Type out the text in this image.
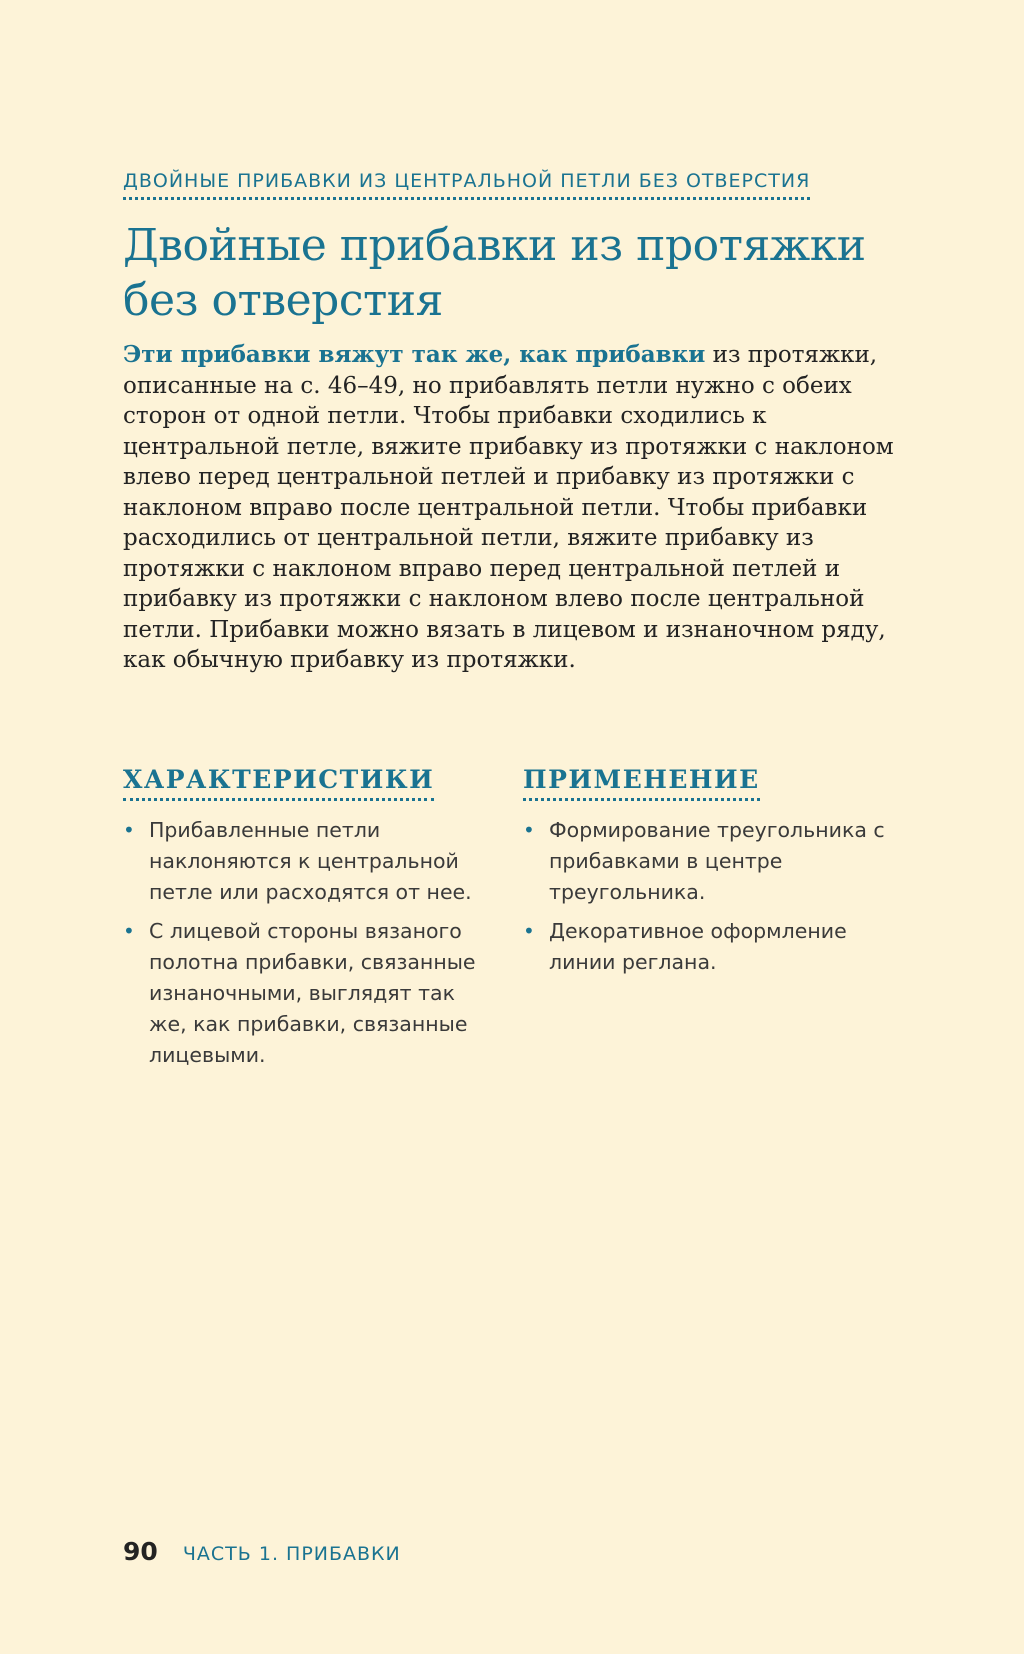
ДВОЙНЫЕ ПРИБАВКИ ИЗ ЦЕНТРАЛЬНОЙ ПЕТЛИ БЕЗ ОТВЕРСТИЯ
Двойные прибавки из протяжки
без отверстия

Эти прибавки вяжут так же, как прибавки из протяжки, описанные на с. 46–49, но прибавлять петли нужно с обеих сторон от одной петли. Чтобы прибавки сходились к центральной петле, вяжите прибавку из протяжки с наклоном влево перед центральной петлей и прибавку из протяжки с наклоном вправо после центральной петли. Чтобы прибавки расходились от центральной петли, вяжите прибавку из протяжки с наклоном вправо перед центральной петлей и прибавку из протяжки с наклоном влево после центральной петли. Прибавки можно вязать в лицевом и изнаночном ряду, как обычную прибавку из протяжки.

ХАРАКТЕРИСТИКИ
• Прибавленные петли наклоняются к центральной петле или расходятся от нее.
• С лицевой стороны вязаного полотна прибавки, связанные изнаночными, выглядят так же, как прибавки, связанные лицевыми.
ПРИМЕНЕНИЕ
• Формирование треугольника с прибавками в центре треугольника.
• Декоративное оформление линии реглана.
90 ЧАСТЬ 1. ПРИБАВКИ
